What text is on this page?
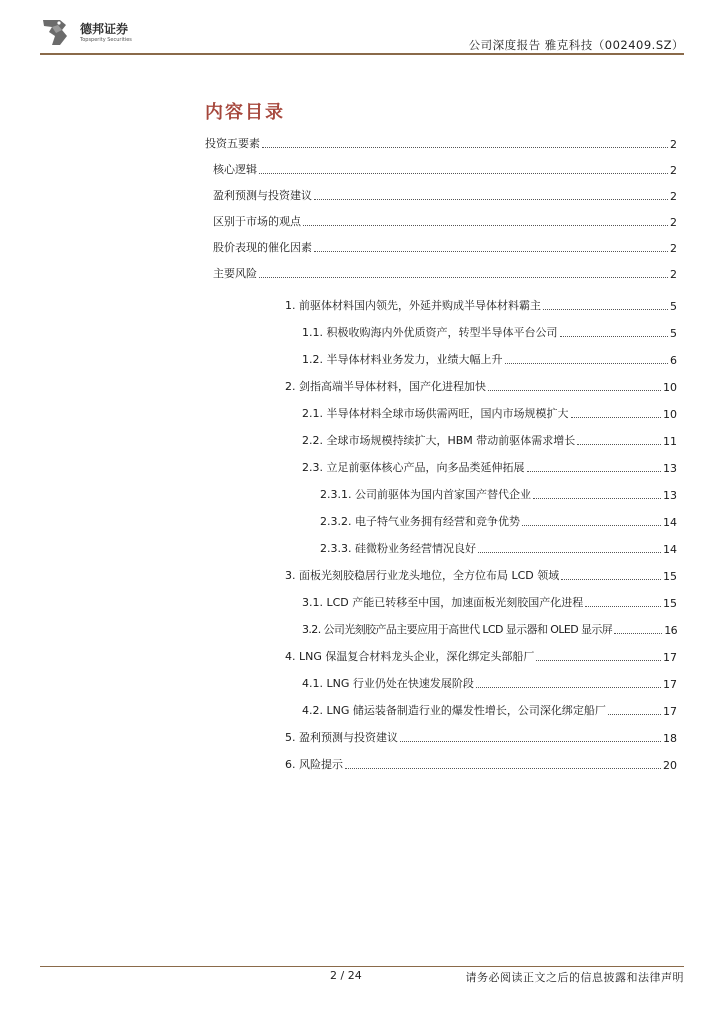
德邦证券
Topsperity Securities	公司深度报告 雅克科技（002409.SZ）
内容目录
投资五要素	2
核心逻辑	2
盈利预测与投资建议	2
区别于市场的观点	2
股价表现的催化因素	2
主要风险	2
1. 前驱体材料国内领先，外延并购成半导体材料霸主	5
1.1. 积极收购海内外优质资产，转型半导体平台公司	5
1.2. 半导体材料业务发力，业绩大幅上升	6
2. 剑指高端半导体材料，国产化进程加快	10
2.1. 半导体材料全球市场供需两旺，国内市场规模扩大	10
2.2. 全球市场规模持续扩大，HBM 带动前驱体需求增长	11
2.3. 立足前驱体核心产品，向多品类延伸拓展	13
2.3.1. 公司前驱体为国内首家国产替代企业	13
2.3.2. 电子特气业务拥有经营和竞争优势	14
2.3.3. 硅微粉业务经营情况良好	14
3. 面板光刻胶稳居行业龙头地位，全方位布局 LCD 领域	15
3.1. LCD 产能已转移至中国，加速面板光刻胶国产化进程	15
3.2. 公司光刻胶产品主要应用于高世代 LCD 显示器和 OLED 显示屏	16
4. LNG 保温复合材料龙头企业，深化绑定头部船厂	17
4.1. LNG 行业仍处在快速发展阶段	17
4.2. LNG 储运装备制造行业的爆发性增长，公司深化绑定船厂	17
5. 盈利预测与投资建议	18
6. 风险提示	20
2 / 24	请务必阅读正文之后的信息披露和法律声明
